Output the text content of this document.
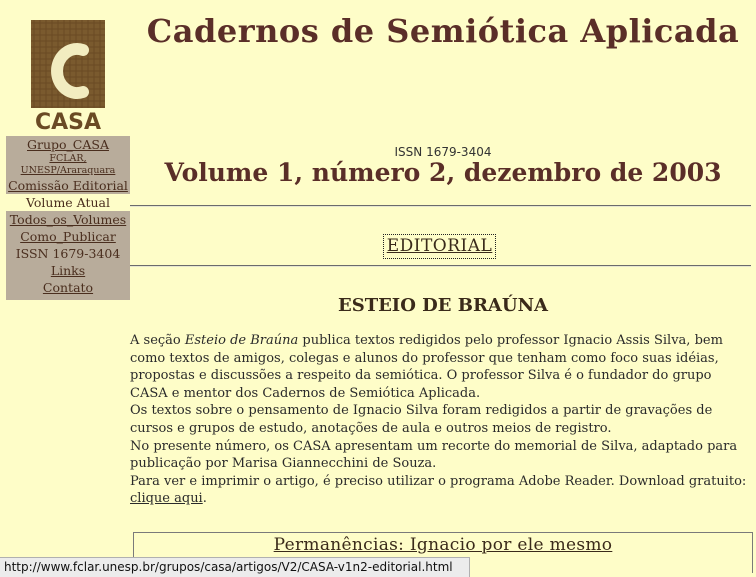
CASA
Grupo_CASA
FCLAR,
UNESP/Araraquara
Comissão Editorial
Volume Atual
Todos_os_Volumes
Como_Publicar
ISSN 1679-3404
Links
Contato
Cadernos de Semiótica Aplicada
ISSN 1679-3404
Volume 1, número 2, dezembro de 2003
EDITORIAL
ESTEIO DE BRAÚNA

A seção Esteio de Braúna publica textos redigidos pelo professor Ignacio Assis Silva, bem como textos de amigos, colegas e alunos do professor que tenham como foco suas idéias, propostas e discussões a respeito da semiótica. O professor Silva é o fundador do grupo CASA e mentor dos Cadernos de Semiótica Aplicada.

Os textos sobre o pensamento de Ignacio Silva foram redigidos a partir de gravações de cursos e grupos de estudo, anotações de aula e outros meios de registro.

No presente número, os CASA apresentam um recorte do memorial de Silva, adaptado para publicação por Marisa Giannecchini de Souza.

Para ver e imprimir o artigo, é preciso utilizar o programa Adobe Reader. Download gratuito:
clique aqui.

Permanências: Ignacio por ele mesmo
http://www.fclar.unesp.br/grupos/casa/artigos/V2/CASA-v1n2-editorial.html
